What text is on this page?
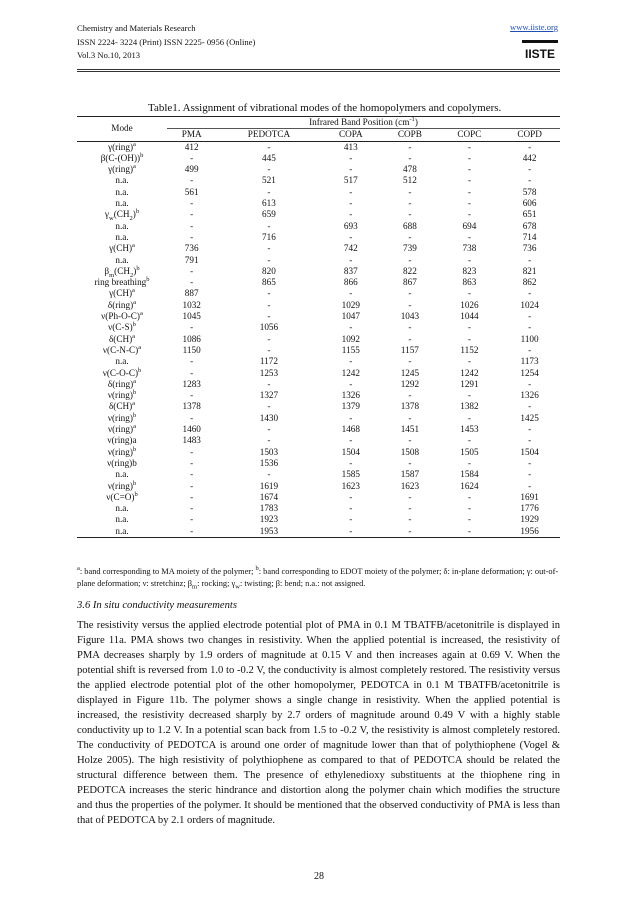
Chemistry and Materials Research
ISSN 2224- 3224 (Print) ISSN 2225- 0956 (Online)
Vol.3 No.10, 2013
www.iiste.org
IISTE
Table1. Assignment of vibrational modes of the homopolymers and copolymers.
Mode	Infrared Band Position $(cm^{-1})$					
	PMA	PEDOTCA	COPA	COPB	COPC	COPD
γ(ring)$^a$	412	-	413	-	-	-
$\beta(C-(OH))^b$	-	445	-	-	-	442
γ(ring)$^a$	499	-	-	478	-	-
n.a.	-	521	517	512	-	-
n.a.	561	-	-	-	-	578
n.a.	-	613	-	-	-	606
$\gamma_w(CH_2)^b$	-	659	-	-	-	651
n.a.	-	-	693	688	694	678
n.a.	-	716	-	-	-	714
γ(CH)$^a$	736	-	742	739	738	736
n.a.	791	-	-	-	-	-
$\beta_m(CH_2)^b$	-	820	837	822	823	821
ring breathing$^b$	-	865	866	867	863	862
γ(CH)$^a$	887	-	-	-	-	-
δ(ring)$^a$	1032	-	1029	-	1026	1024
$\nu(Ph-O-C)^a$	1045	-	1047	1043	1044	-
$\nu(C-S)^b$	-	1056	-	-	-	-
δ(CH)$^a$	1086	-	1092	-	-	1100
$\nu(C-N-C)^a$	1150	-	1155	1157	1152	-
n.a.	-	1172	-	-	-	1173
$\nu(C-O-C)^b$	-	1253	1242	1245	1242	1254
δ(ring)$^a$	1283	-	-	1292	1291	-
ν(ring)$^b$	-	1327	1326	-	-	1326
δ(CH)$^a$	1378	-	1379	1378	1382	-
ν(ring)$^b$	-	1430	-	-	-	1425
ν(ring)$^a$	1460	-	1468	1451	1453	-
ν(ring)a	1483	-	-	-	-	-
ν(ring)$^b$	-	1503	1504	1508	1505	1504
ν(ring)b	-	1536	-	-	-	-
n.a.	-	-	1585	1587	1584	-
ν(ring)$^b$	-	1619	1623	1623	1624	-
ν(C=O)$^b$	-	1674	-	-	-	1691
n.a.	-	1783	-	-	-	1776
n.a.	-	1923	-	-	-	1929
n.a.	-	1953	-	-	-	1956
$^a$: band corresponding to MA moiety of the polymer; $^b$: band corresponding to EDOT moiety of the polymer; δ: in-plane deformation; γ: out-of-plane deformation; ν: stretchinz; $\beta_m$: rocking; $\gamma_w$: twisting; β: bend; n.a.: not assigned.
3.6 In situ conductivity measurements

The resistivity versus the applied electrode potential plot of PMA in 0.1 M TBATFB/acetonitrile is displayed in Figure 11a. PMA shows two changes in resistivity. When the applied potential is increased, the resistivity of PMA decreases sharply by 1.9 orders of magnitude at 0.15 V and then increases again at 0.69 V. When the potential shift is reversed from 1.0 to -0.2 V, the conductivity is almost completely restored. The resistivity versus the applied electrode potential plot of the other homopolymer, PEDOTCA in 0.1 M TBATFB/acetonitrile is displayed in Figure 11b. The polymer shows a single change in resistivity. When the applied potential is increased, the resistivity decreased sharply by 2.7 orders of magnitude around 0.49 V with a highly stable conductivity up to 1.2 V. In a potential scan back from 1.5 to -0.2 V, the resistivity is almost completely restored. The conductivity of PEDOTCA is around one order of magnitude lower than that of polythiophene (Vogel & Holze 2005). The high resistivity of polythiophene as compared to that of PEDOTCA should be related the structural difference between them. The presence of ethylenedioxy substituents at the thiophene ring in PEDOTCA increases the steric hindrance and distortion along the polymer chain which modifies the structure and thus the properties of the polymer. It should be mentioned that the observed conductivity of PMA is less than that of PEDOTCA by 2.1 orders of magnitude.

28
